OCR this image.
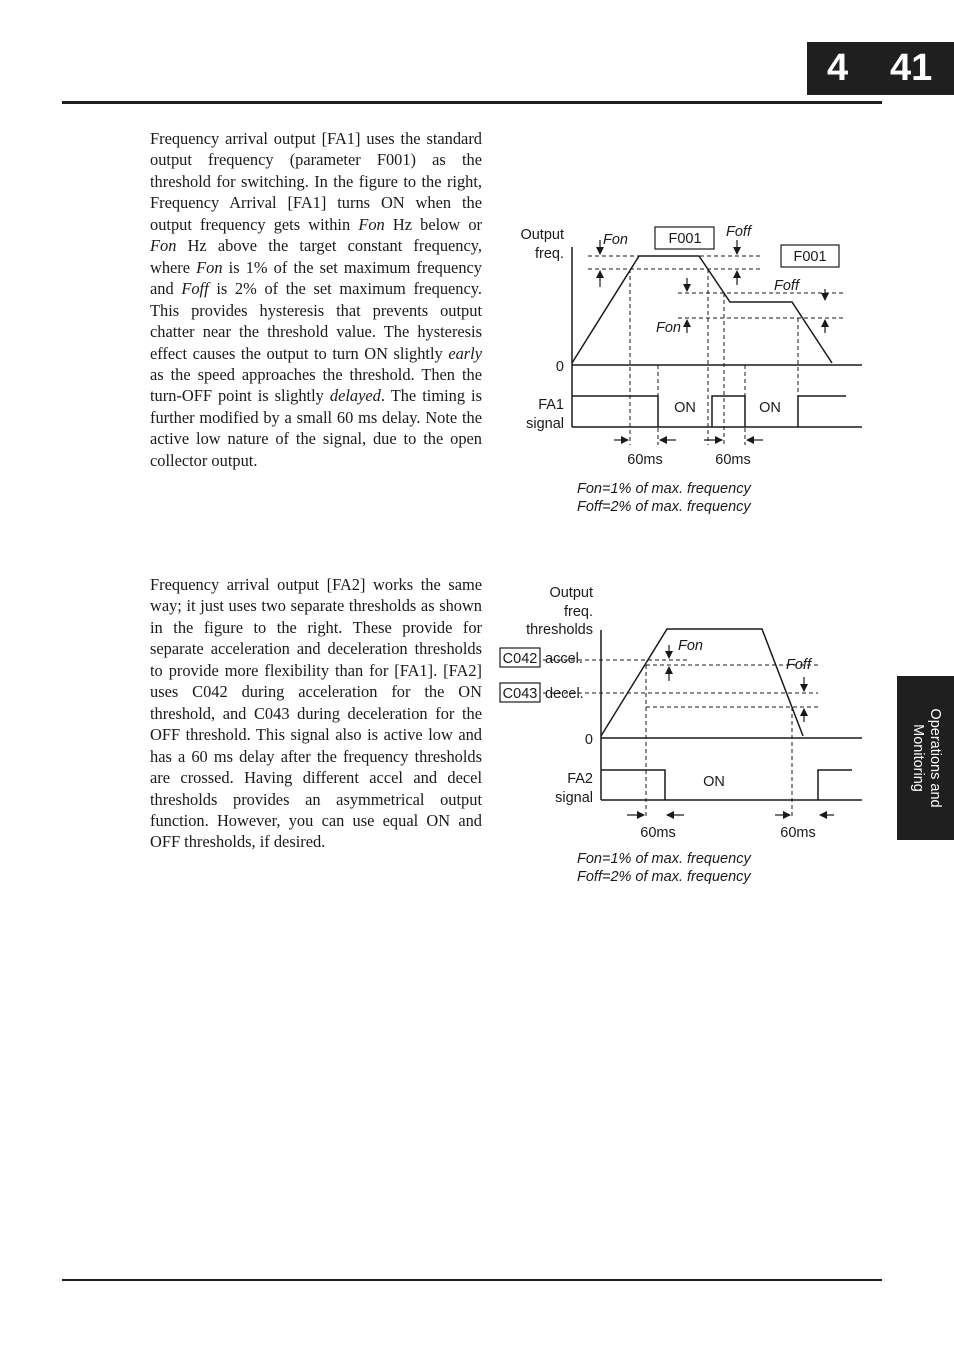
4 41

Frequency arrival output [FA1] uses the standard output frequency (parameter F001) as the threshold for switching. In the figure to the right, Frequency Arrival [FA1] turns ON when the output frequency gets within Fon Hz below or Fon Hz above the target constant frequency, where Fon is 1% of the set maximum frequency and Foff is 2% of the set maximum frequency. This provides hysteresis that prevents output chatter near the threshold value. The hysteresis effect causes the output to turn ON slightly early as the speed approaches the threshold. Then the turn-OFF point is slightly delayed. The timing is further modified by a small 60 ms delay. Note the active low nature of the signal, due to the open collector output.

Frequency arrival output [FA2] works the same way; it just uses two separate thresholds as shown in the figure to the right. These provide for separate acceleration and deceleration thresholds to provide more flexibility than for [FA1]. [FA2] uses C042 during acceleration for the ON threshold, and C043 during deceleration for the OFF threshold. This signal also is active low and has a 60 ms delay after the frequency thresholds are crossed. Having different accel and decel thresholds provides an asymmetrical output function. However, you can use equal ON and OFF thresholds, if desired.

Output
freq.
0
Fon
Fon
Foff
Foff
F001
F001
FA1
signal
ON	ON
60ms	60ms
Fon=1% of max. frequency
Foff=2% of max. frequency
Output
freq.
thresholds
C042 accel.
C043 decel.
0
Fon
Foff
FA2
signal
ON
60ms	60ms
Fon=1% of max. frequency
Foff=2% of max. frequency
Operations and
Monitoring
